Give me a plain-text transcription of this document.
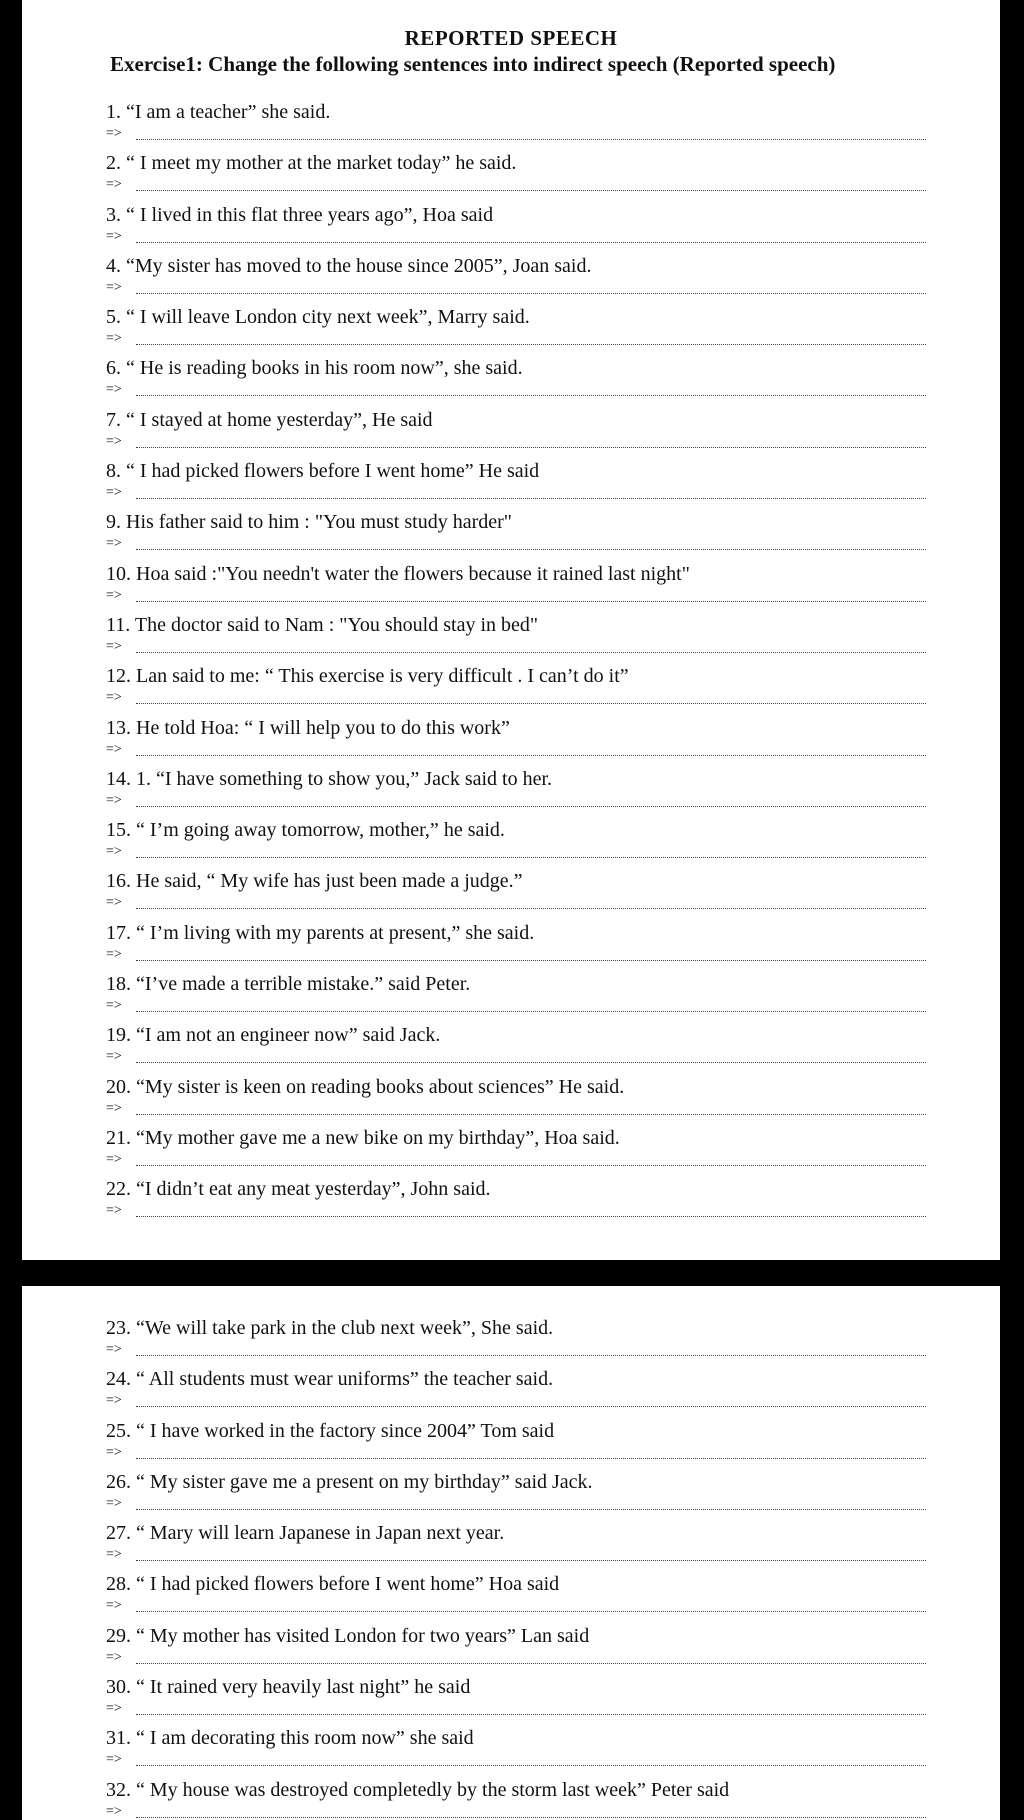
REPORTED SPEECH
Exercise1: Change the following sentences into indirect speech (Reported speech)
1. “I am a teacher” she said.
=>
2. “ I meet my mother at the market today” he said.
=>
3. “ I lived in this flat three years ago”, Hoa said
=>
4. “My sister has moved to the house since 2005”, Joan said.
=>
5. “ I will leave London city next week”, Marry said.
=>
6. “ He is reading books in his room now”, she said.
=>
7. “ I stayed at home yesterday”, He said
=>
8. “ I had picked flowers before I went home” He said
=>
9. His father said to him : "You must study harder"
=>
10. Hoa said :"You needn't water the flowers because it rained last night"
=>
11. The doctor said to Nam : "You should stay in bed"
=>
12. Lan said to me: “ This exercise is very difficult . I can’t do it”
=>
13. He told Hoa: “ I will help you to do this work”
=>
14. 1. “I have something to show you,” Jack said to her.
=>
15. “ I’m going away tomorrow, mother,” he said.
=>
16. He said, “ My wife has just been made a judge.”
=>
17. “ I’m living with my parents at present,” she said.
=>
18. “I’ve made a terrible mistake.” said Peter.
=>
19. “I am not an engineer now” said Jack.
=>
20. “My sister is keen on reading books about sciences” He said.
=>
21. “My mother gave me a new bike on my birthday”, Hoa said.
=>
22. “I didn’t eat any meat yesterday”, John said.
=>
23. “We will take park in the club next week”, She said.
=>
24. “ All students must wear uniforms” the teacher said.
=>
25. “ I have worked in the factory since 2004” Tom said
=>
26. “ My sister gave me a present on my birthday” said Jack.
=>
27. “ Mary will learn Japanese in Japan next year.
=>
28. “ I had picked flowers before I went home” Hoa said
=>
29. “ My mother has visited London for two years” Lan said
=>
30. “ It rained very heavily last night” he said
=>
31. “ I am decorating this room now” she said
=>
32. “ My house was destroyed completedly by the storm last week” Peter said
=>
